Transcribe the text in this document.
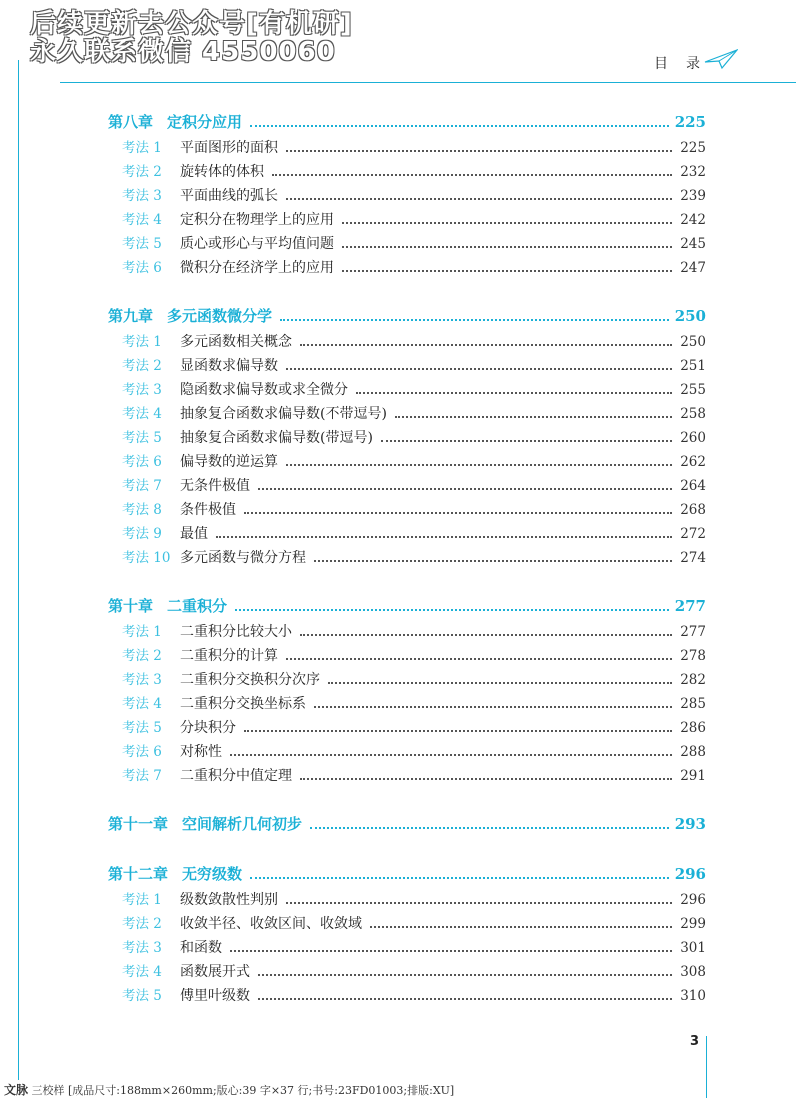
后续更新去公众号[有机研]
永久联系微信 4550060	目录
第八章 定积分应用	225
考法 1	平面图形的面积	225
考法 2	旋转体的体积	232
考法 3	平面曲线的弧长	239
考法 4	定积分在物理学上的应用	242
考法 5	质心或形心与平均值问题	245
考法 6	微积分在经济学上的应用	247
第九章 多元函数微分学	250
考法 1	多元函数相关概念	250
考法 2	显函数求偏导数	251
考法 3	隐函数求偏导数或求全微分	255
考法 4	抽象复合函数求偏导数(不带逗号)	258
考法 5	抽象复合函数求偏导数(带逗号)	260
考法 6	偏导数的逆运算	262
考法 7	无条件极值	264
考法 8	条件极值	268
考法 9	最值	272
考法 10 多元函数与微分方程	274
第十章 二重积分	277
考法 1	二重积分比较大小	277
考法 2	二重积分的计算	278
考法 3	二重积分交换积分次序	282
考法 4	二重积分交换坐标系	285
考法 5	分块积分	286
考法 6	对称性	288
考法 7	二重积分中值定理	291
第十一章 空间解析几何初步	293
第十二章 无穷级数	296
考法 1	级数敛散性判别	296
考法 2	收敛半径、收敛区间、收敛域	299
考法 3	和函数	301
考法 4	函数展开式	308
考法 5	傅里叶级数	310
3
文脉 三校样 [成品尺寸:188mm×260mm;版心:39 字×37 行;书号:23FD01003;排版:XU]
